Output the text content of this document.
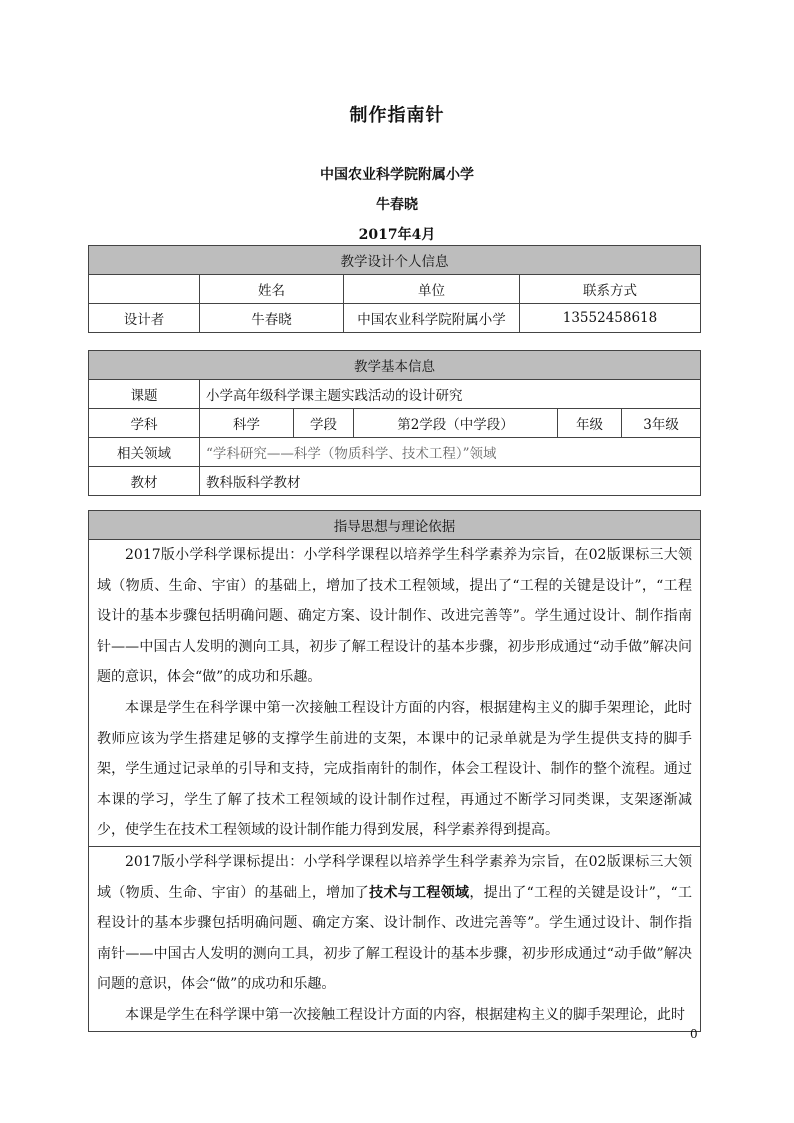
制作指南针
中国农业科学院附属小学
牛春晓
2017年4月
教学设计个人信息			
	姓名	单位	联系方式
设计者	牛春晓	中国农业科学院附属小学	13552458618
教学基本信息					
课题	小学高年级科学课主题实践活动的设计研究				
学科	科学	学段	第2学段（中学段）	年级	3年级
相关领域	“学科研究——科学（物质科学、技术工程）”领域				
教材	教科版科学教材				
指导思想与理论依据

2017版小学科学课标提出：小学科学课程以培养学生科学素养为宗旨，在02版课标三大领域（物质、生命、宇宙）的基础上，增加了技术工程领域，提出了“工程的关键是设计”，“工程设计的基本步骤包括明确问题、确定方案、设计制作、改进完善等”。学生通过设计、制作指南针——中国古人发明的测向工具，初步了解工程设计的基本步骤，初步形成通过“动手做”解决问题的意识，体会“做”的成功和乐趣。

本课是学生在科学课中第一次接触工程设计方面的内容，根据建构主义的脚手架理论，此时教师应该为学生搭建足够的支撑学生前进的支架，本课中的记录单就是为学生提供支持的脚手架，学生通过记录单的引导和支持，完成指南针的制作，体会工程设计、制作的整个流程。通过本课的学习，学生了解了技术工程领域的设计制作过程，再通过不断学习同类课，支架逐渐减少，使学生在技术工程领域的设计制作能力得到发展，科学素养得到提高。

2017版小学科学课标提出：小学科学课程以培养学生科学素养为宗旨，在02版课标三大领域（物质、生命、宇宙）的基础上，增加了技术与工程领域，提出了“工程的关键是设计”，“工程设计的基本步骤包括明确问题、确定方案、设计制作、改进完善等”。学生通过设计、制作指南针——中国古人发明的测向工具，初步了解工程设计的基本步骤，初步形成通过“动手做”解决问题的意识，体会“做”的成功和乐趣。

本课是学生在科学课中第一次接触工程设计方面的内容，根据建构主义的脚手架理论，此时

0
